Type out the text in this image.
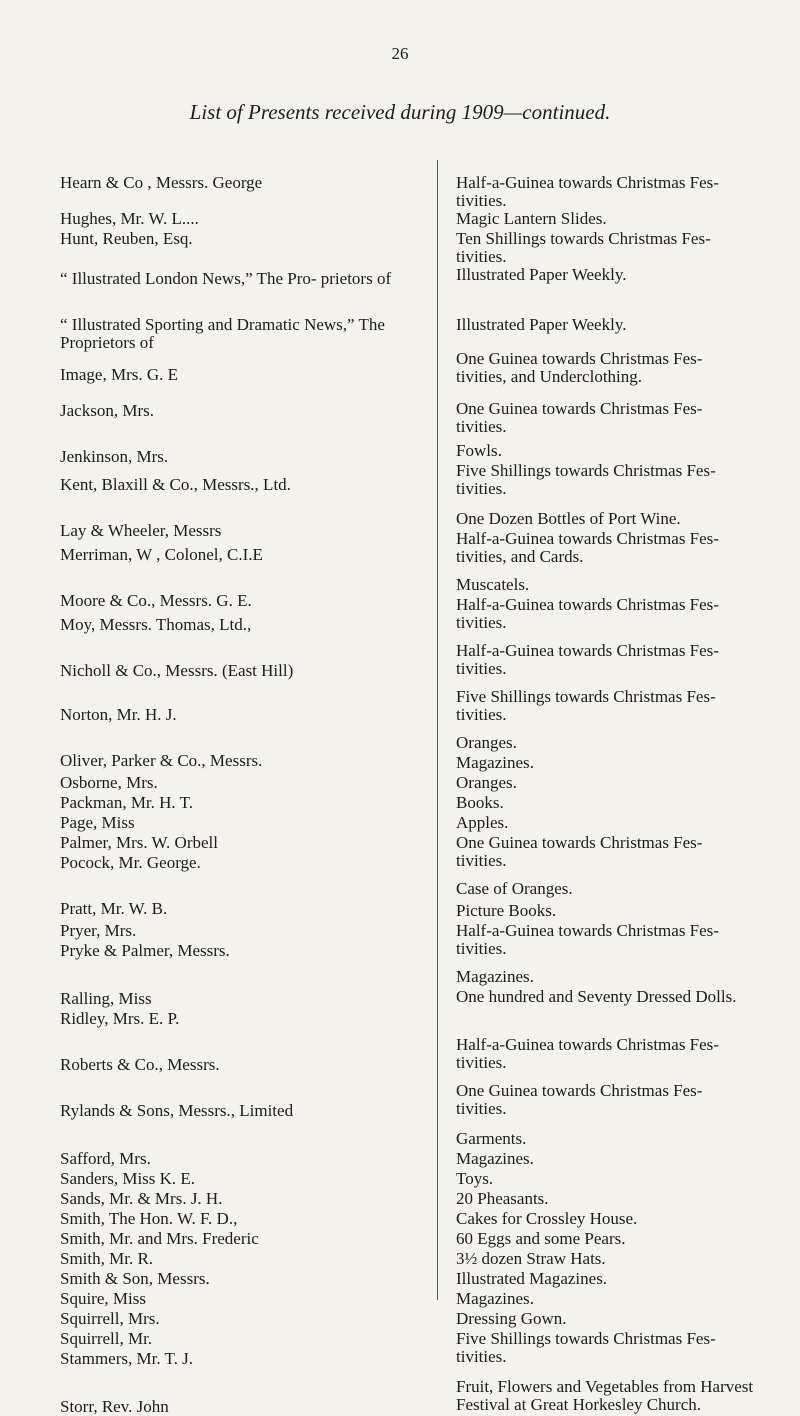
26
List of Presents received during 1909—continued.
Hearn & Co , Messrs. George
Hughes, Mr. W. L....
Hunt, Reuben, Esq.
“ Illustrated London News,” The Pro- prietors of
“ Illustrated Sporting and Dramatic News,” The Proprietors of
Image, Mrs. G. E
Jackson, Mrs.
Jenkinson, Mrs.
Kent, Blaxill & Co., Messrs., Ltd.
Lay & Wheeler, Messrs
Merriman, W , Colonel, C.I.E
Moore & Co., Messrs. G. E.
Moy, Messrs. Thomas, Ltd.,
Nicholl & Co., Messrs. (East Hill)
Norton, Mr. H. J.
Oliver, Parker & Co., Messrs.
Osborne, Mrs.
Packman, Mr. H. T.
Page, Miss
Palmer, Mrs. W. Orbell
Pocock, Mr. George.
Pratt, Mr. W. B.
Pryer, Mrs.
Pryke & Palmer, Messrs.
Ralling, Miss
Ridley, Mrs. E. P.
Roberts & Co., Messrs.
Rylands & Sons, Messrs., Limited
Safford, Mrs.
Sanders, Miss K. E.
Sands, Mr. & Mrs. J. H.
Smith, The Hon. W. F. D.,
Smith, Mr. and Mrs. Frederic
Smith, Mr. R.
Smith & Son, Messrs.
Squire, Miss
Squirrell, Mrs.
Squirrell, Mr.
Stammers, Mr. T. J.
Storr, Rev. John
Half-a-Guinea towards Christmas Fes- tivities.
Magic Lantern Slides.
Ten Shillings towards Christmas Fes- tivities.
Illustrated Paper Weekly.
Illustrated Paper Weekly.
One Guinea towards Christmas Fes- tivities, and Underclothing.
One Guinea towards Christmas Fes- tivities.
Fowls.
Five Shillings towards Christmas Fes- tivities.
One Dozen Bottles of Port Wine.
Half-a-Guinea towards Christmas Fes- tivities, and Cards.
Muscatels.
Half-a-Guinea towards Christmas Fes- tivities.
Half-a-Guinea towards Christmas Fes- tivities.
Five Shillings towards Christmas Fes- tivities.
Oranges.
Magazines.
Oranges.
Books.
Apples.
One Guinea towards Christmas Fes- tivities.
Case of Oranges.
Picture Books.
Half-a-Guinea towards Christmas Fes- tivities.
Magazines.
One hundred and Seventy Dressed Dolls.
Half-a-Guinea towards Christmas Fes- tivities.
One Guinea towards Christmas Fes- tivities.
Garments.
Magazines.
Toys.
20 Pheasants.
Cakes for Crossley House.
60 Eggs and some Pears.
3½ dozen Straw Hats.
Illustrated Magazines.
Magazines.
Dressing Gown.
Five Shillings towards Christmas Fes- tivities.
Fruit, Flowers and Vegetables from Harvest Festival at Great Horkesley Church.
